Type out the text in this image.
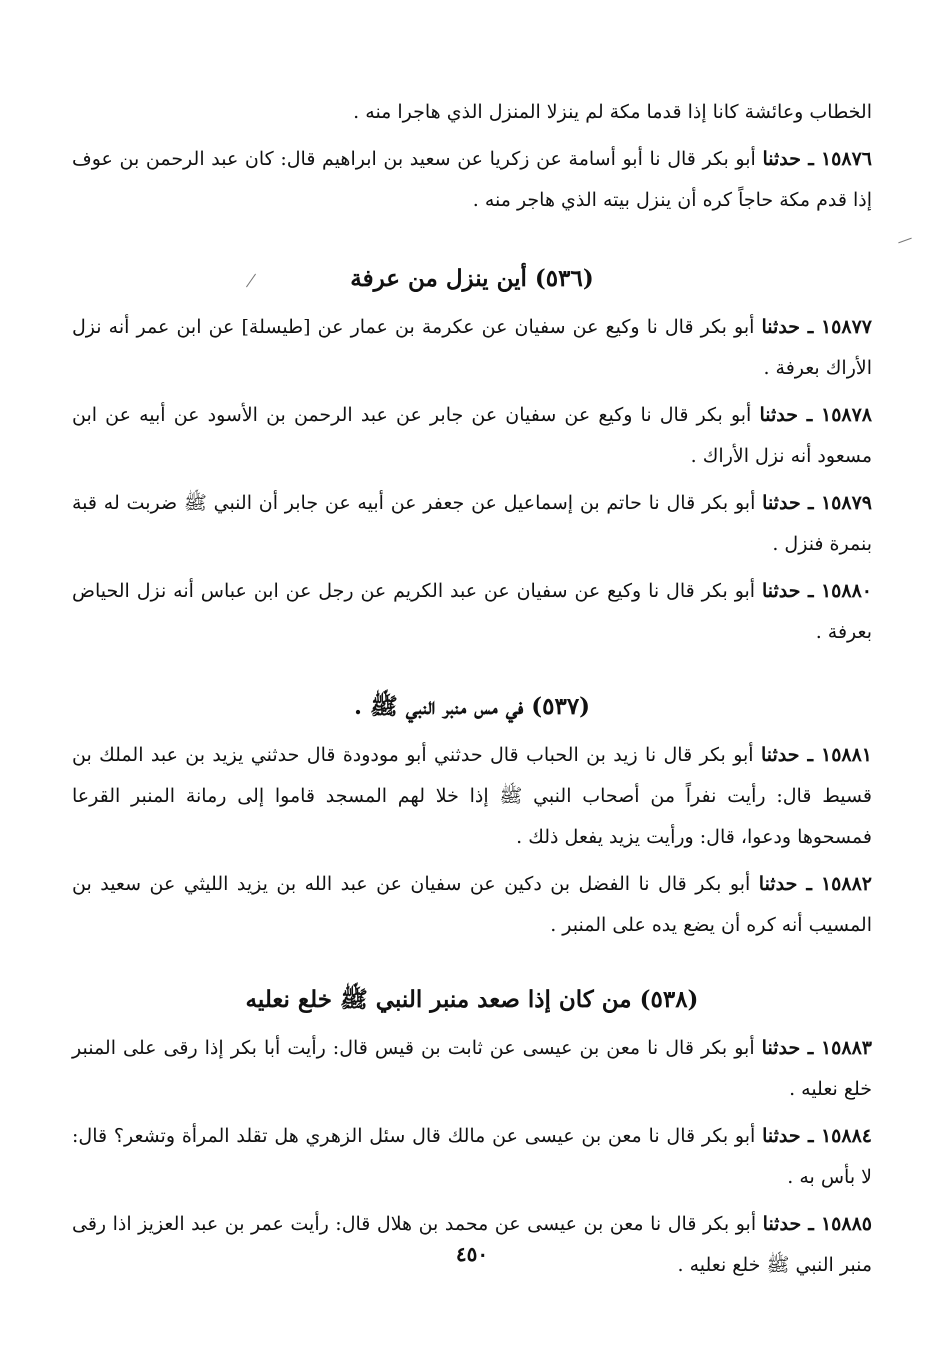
الخطاب وعائشة كانا إذا قدما مكة لم ينزلا المنزل الذي هاجرا منه .

١٥٨٧٦ ـ حدثنا أبو بكر قال نا أبو أسامة عن زكريا عن سعيد بن ابراهيم قال: كان عبد الرحمن بن عوف إذا قدم مكة حاجاً كره أن ينزل بيته الذي هاجر منه .

(٥٣٦) أين ينزل من عرفة

١٥٨٧٧ ـ حدثنا أبو بكر قال نا وكيع عن سفيان عن عكرمة بن عمار عن [طيسلة] عن ابن عمر أنه نزل الأراك بعرفة .

١٥٨٧٨ ـ حدثنا أبو بكر قال نا وكيع عن سفيان عن جابر عن عبد الرحمن بن الأسود عن أبيه عن ابن مسعود أنه نزل الأراك .

١٥٨٧٩ ـ حدثنا أبو بكر قال نا حاتم بن إسماعيل عن جعفر عن أبيه عن جابر أن النبي ﷺ ضربت له قبة بنمرة فنزل .

١٥٨٨٠ ـ حدثنا أبو بكر قال نا وكيع عن سفيان عن عبد الكريم عن رجل عن ابن عباس أنه نزل الحياض بعرفة .

(٥٣٧) في مس منبر النبي ﷺ .

١٥٨٨١ ـ حدثنا أبو بكر قال نا زيد بن الحباب قال حدثني أبو مودودة قال حدثني يزيد بن عبد الملك بن قسيط قال: رأيت نفراً من أصحاب النبي ﷺ إذا خلا لهم المسجد قاموا إلى رمانة المنبر القرعا فمسحوها ودعوا، قال: ورأيت يزيد يفعل ذلك .

١٥٨٨٢ ـ حدثنا أبو بكر قال نا الفضل بن دكين عن سفيان عن عبد الله بن يزيد الليثي عن سعيد بن المسيب أنه كره أن يضع يده على المنبر .

(٥٣٨) من كان إذا صعد منبر النبي ﷺ خلع نعليه

١٥٨٨٣ ـ حدثنا أبو بكر قال نا معن بن عيسى عن ثابت بن قيس قال: رأيت أبا بكر إذا رقى على المنبر خلع نعليه .

١٥٨٨٤ ـ حدثنا أبو بكر قال نا معن بن عيسى عن مالك قال سئل الزهري هل تقلد المرأة وتشعر؟ قال: لا بأس به .

١٥٨٨٥ ـ حدثنا أبو بكر قال نا معن بن عيسى عن محمد بن هلال قال: رأيت عمر بن عبد العزيز اذا رقى منبر النبي ﷺ خلع نعليه .

٤٥٠
